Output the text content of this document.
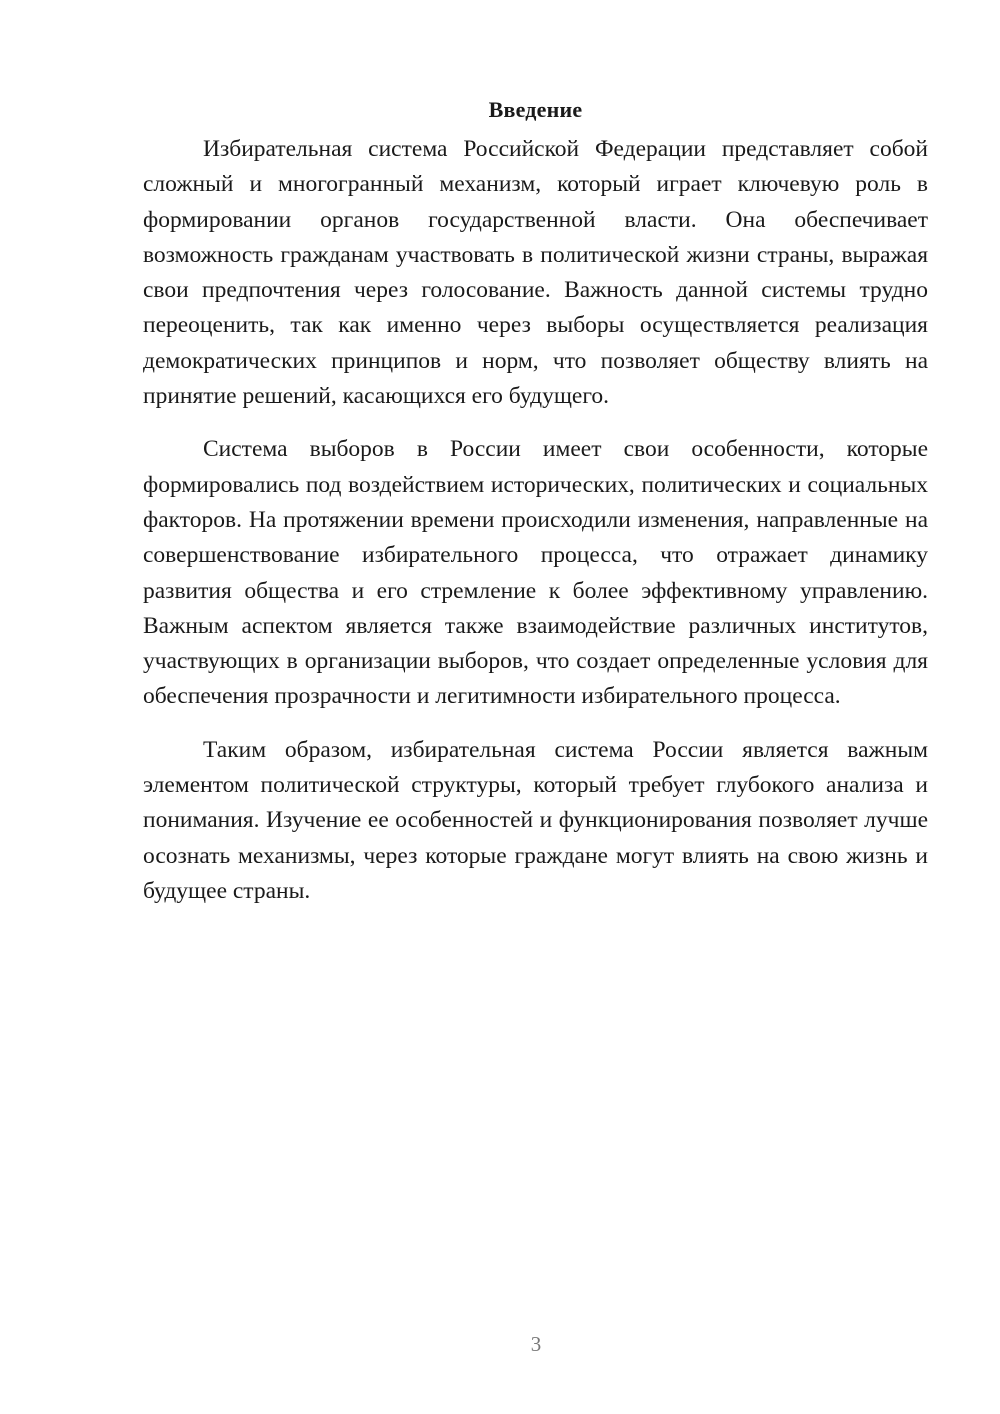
Введение

Избирательная система Российской Федерации представляет собой сложный и многогранный механизм, который играет ключевую роль в формировании органов государственной власти. Она обеспечивает возможность гражданам участвовать в политической жизни страны, выражая свои предпочтения через голосование. Важность данной системы трудно переоценить, так как именно через выборы осуществляется реализация демократических принципов и норм, что позволяет обществу влиять на принятие решений, касающихся его будущего.

Система выборов в России имеет свои особенности, которые формировались под воздействием исторических, политических и социальных факторов. На протяжении времени происходили изменения, направленные на совершенствование избирательного процесса, что отражает динамику развития общества и его стремление к более эффективному управлению. Важным аспектом является также взаимодействие различных институтов, участвующих в организации выборов, что создает определенные условия для обеспечения прозрачности и легитимности избирательного процесса.

Таким образом, избирательная система России является важным элементом политической структуры, который требует глубокого анализа и понимания. Изучение ее особенностей и функционирования позволяет лучше осознать механизмы, через которые граждане могут влиять на свою жизнь и будущее страны.

3
